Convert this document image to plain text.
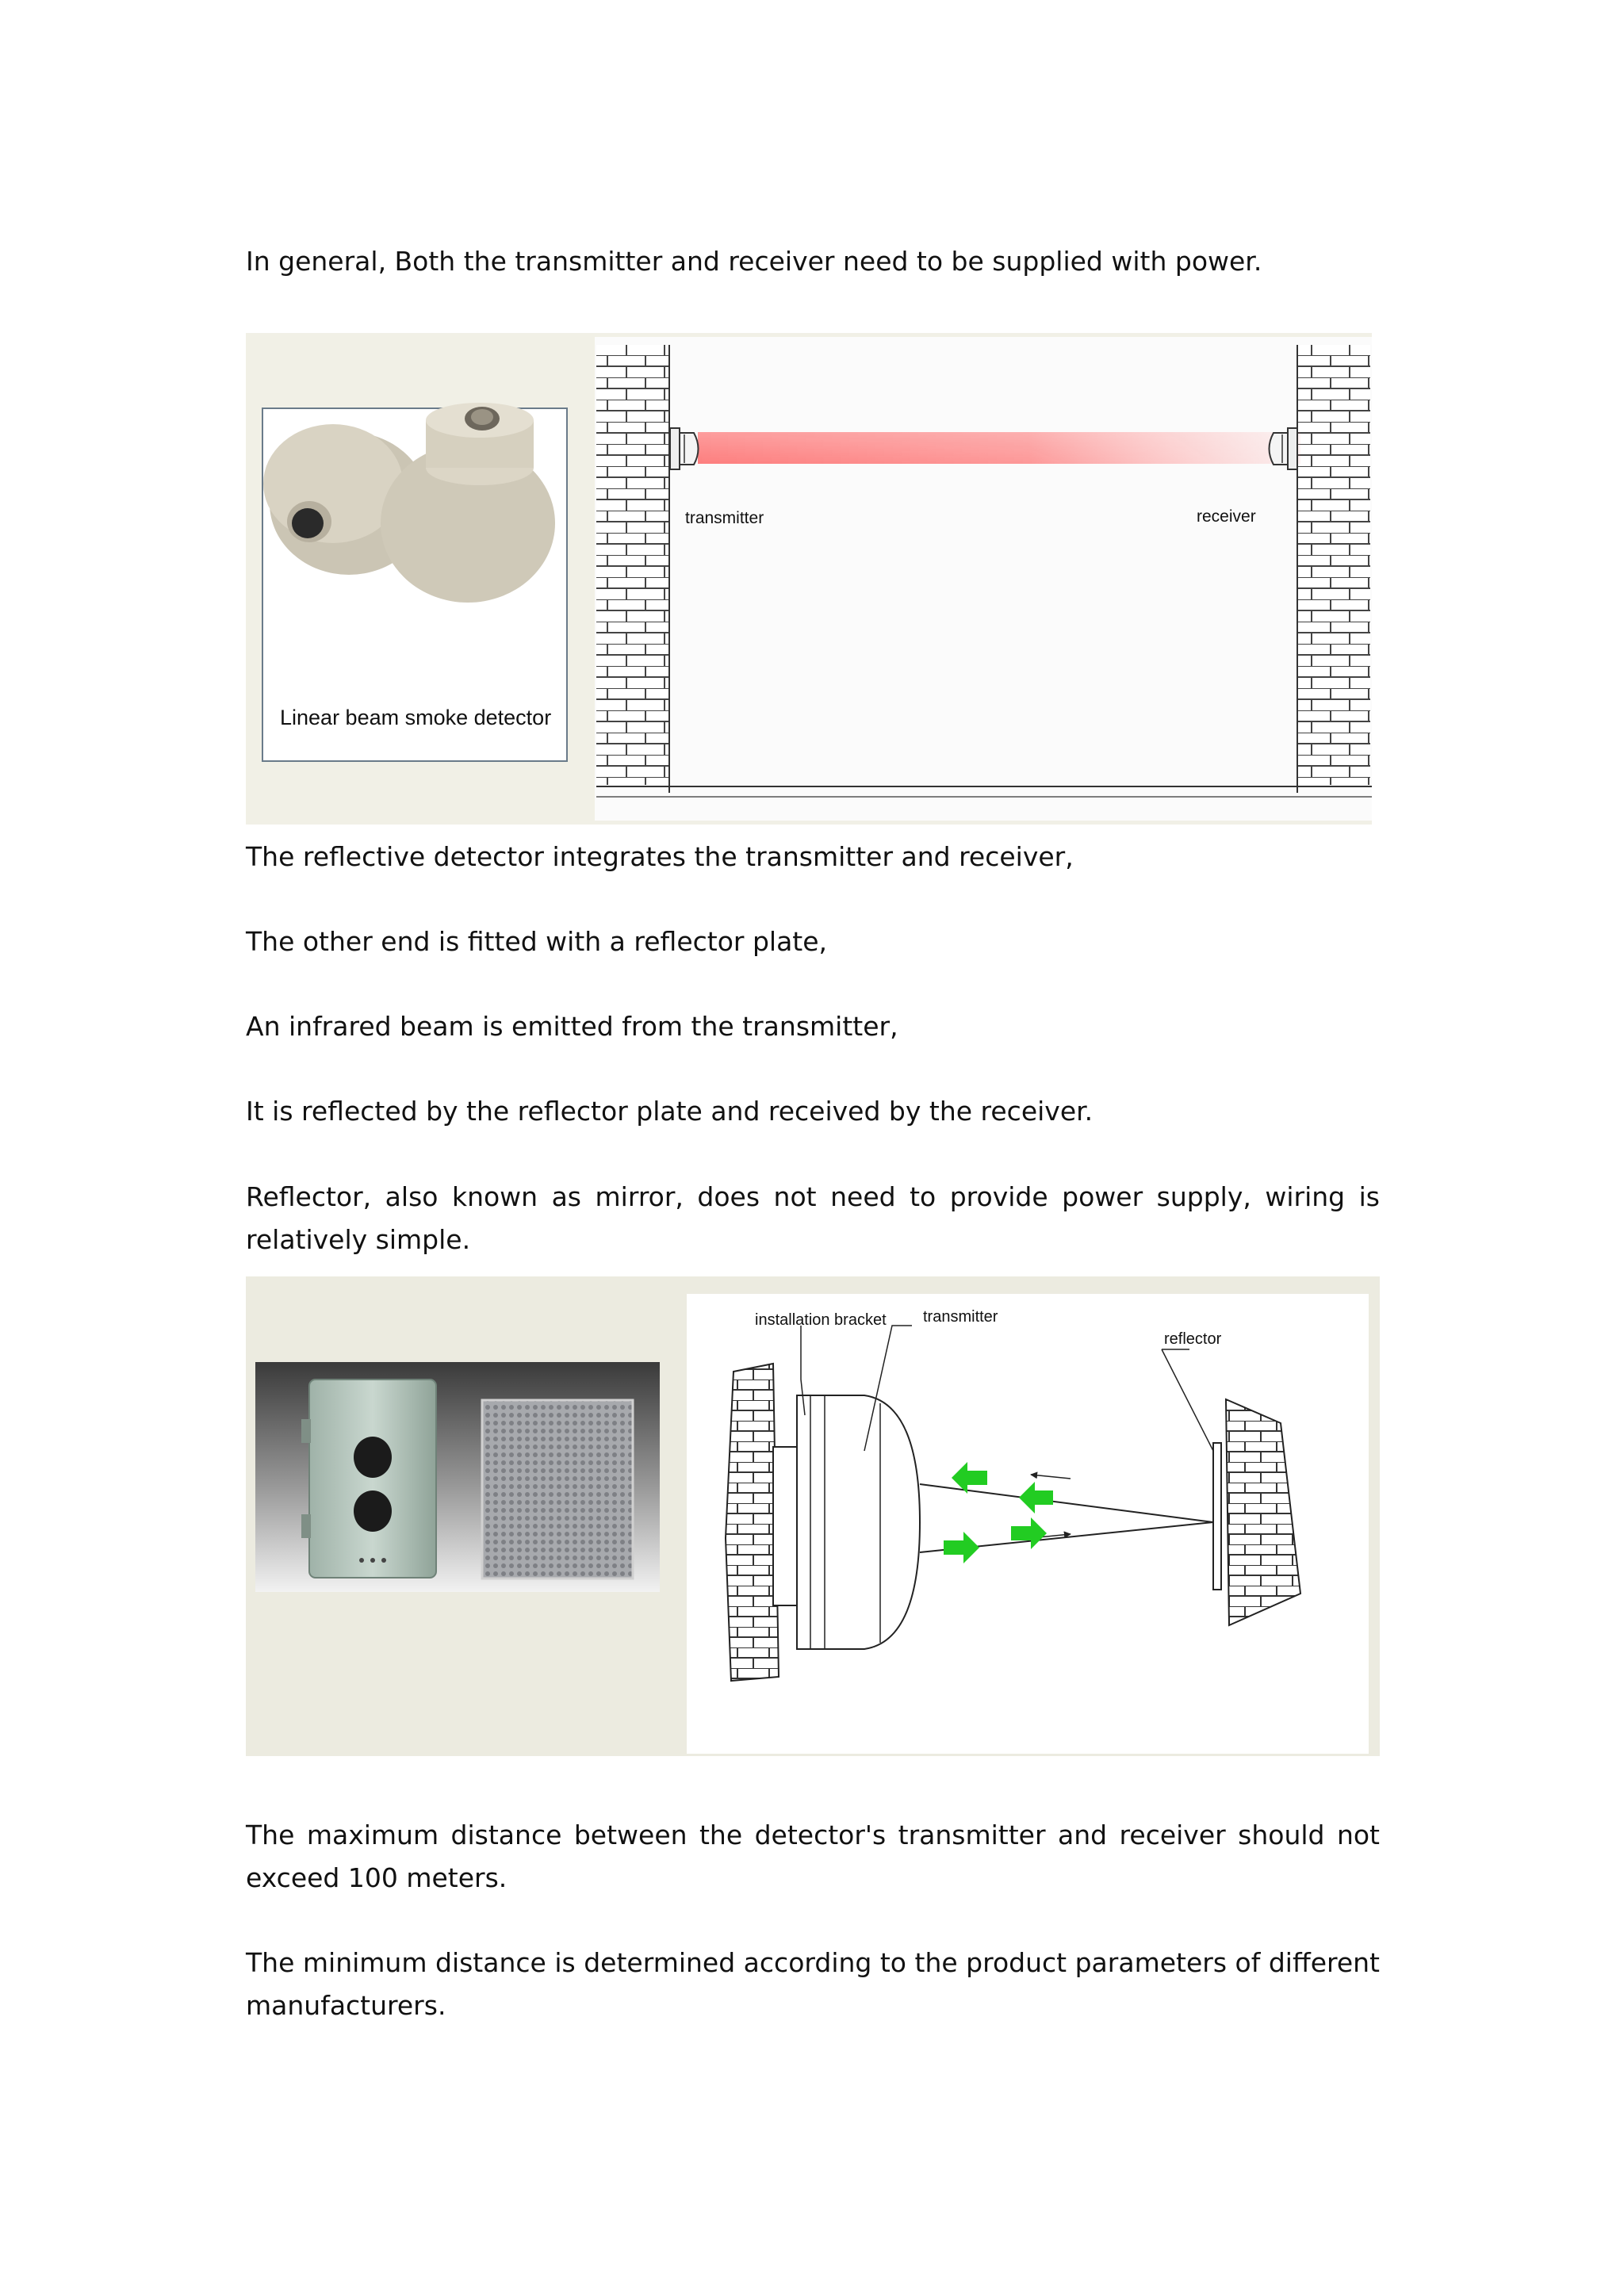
In general, Both the transmitter and receiver need to be supplied with power.

Linear beam smoke detector
transmitter	receiver

The reflective detector integrates the transmitter and receiver,

The other end is fitted with a reflector plate,

An infrared beam is emitted from the transmitter,

It is reflected by the reflector plate and received by the receiver.

Reflector, also known as mirror, does not need to provide power supply, wiring is relatively simple.

installation bracket transmitter
reflector

The maximum distance between the detector's transmitter and receiver should not exceed 100 meters.

The minimum distance is determined according to the product parameters of different manufacturers.
